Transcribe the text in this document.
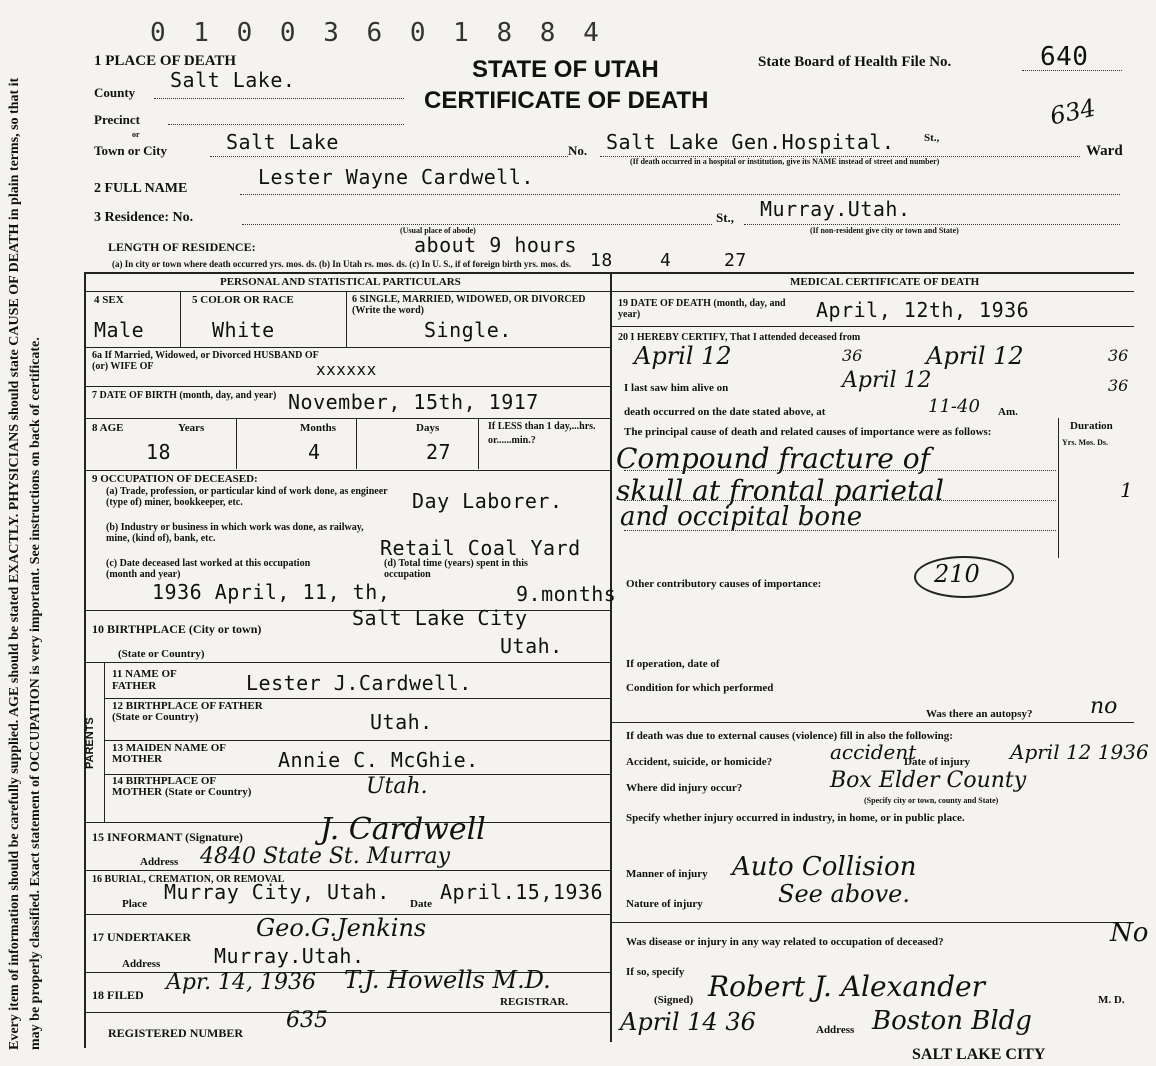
Every item of information should be carefully supplied. AGE should be stated EXACTLY. PHYSICIANS should state CAUSE OF DEATH in plain terms, so that it may be properly classified. Exact statement of OCCUPATION is very important. See instructions on back of certificate.
0 1 0 0 3 6 0 1 8 8 4
1 PLACE OF DEATH	STATE OF UTAH
CERTIFICATE OF DEATH
State Board of Health File No.	640
634
County
Salt Lake.
Precinct
or
Town or City	Salt Lake	No. Salt Lake Gen.Hospital.	St.,
(If death occurred in a hospital or institution, give its NAME instead of street and number)
Ward
2 FULL NAME	Lester Wayne Cardwell.
3 Residence: No.	St., Murray.Utah.
(Usual place of abode)	(If non-resident give city or town and State)
LENGTH OF RESIDENCE:	about 9 hours
(a) In city or town where death occurred yrs. mos. ds. (b) In Utah rs. mos. ds. (c) In U. S., if of foreign birth yrs. mos. ds. 18	4	27
PERSONAL AND STATISTICAL PARTICULARS
4 SEX
Male
5 COLOR OR RACE
White
6 SINGLE, MARRIED, WIDOWED, OR DIVORCED (Write the word)
Single.
6a If Married, Widowed, or Divorced HUSBAND OF (or) WIFE OF	xxxxxx
7 DATE OF BIRTH (month, day, and year) November, 15th, 1917
8 AGE	Years	Months	Days	If LESS than 1 day,...hrs. or......min.?
18	4	27
9 OCCUPATION OF DECEASED:
(a) Trade, profession, or particular kind of work done, as engineer (type of) miner, bookkeeper, etc.	Day Laborer.
(b) Industry or business in which work was done, as railway, mine, (kind of), bank, etc.	Retail Coal Yard
(c) Date deceased last worked at this occupation (month and year)
(d) Total time (years) spent in this occupation
1936 April, 11, th,	9.months
10 BIRTHPLACE (City or town)	Salt Lake City
(State or Country)	Utah.
PARENTS
11 NAME OF FATHER	Lester J.Cardwell.
12 BIRTHPLACE OF FATHER (State or Country)	Utah.
13 MAIDEN NAME OF MOTHER	Annie C. McGhie.
14 BIRTHPLACE OF MOTHER (State or Country)	Utah.
15 INFORMANT (Signature)	J. Cardwell
Address 4840 State St. Murray
16 BURIAL, CREMATION, OR REMOVAL
Place Murray City, Utah. Date April.15,1936
17 UNDERTAKER	Geo.G.Jenkins
Address	Murray.Utah.
18 FILED Apr. 14, 1936 T.J. Howells M.D.
REGISTRAR.
REGISTERED NUMBER 635
MEDICAL CERTIFICATE OF DEATH
19 DATE OF DEATH (month, day, and year)	April, 12th, 1936
20 I HEREBY CERTIFY, That I attended deceased from
April 12	36	April 12	36
I last saw him alive on	April 12	36
death occurred on the date stated above, at	11-40 Am.
The principal cause of death and related causes of importance were as follows:	Duration
Yrs. Mos. Ds.
Compound fracture of
skull at frontal parietal
and occipital bone
1
Other contributory causes of importance:	210
If operation, date of
Condition for which performed
Was there an autopsy?	no
If death was due to external causes (violence) fill in also the following:
Accident, suicide, or homicide?	accident
Date of injury April 12 1936
Where did injury occur?	Box Elder County
(Specify city or town, county and State)
Specify whether injury occurred in industry, in home, or in public place.
Manner of injury Auto Collision
Nature of injury	See above.
Was disease or injury in any way related to occupation of deceased?	No
If so, specify
(Signed) Robert J. Alexander	M. D.
April 14 36	Address Boston Bldg
SALT LAKE CITY
